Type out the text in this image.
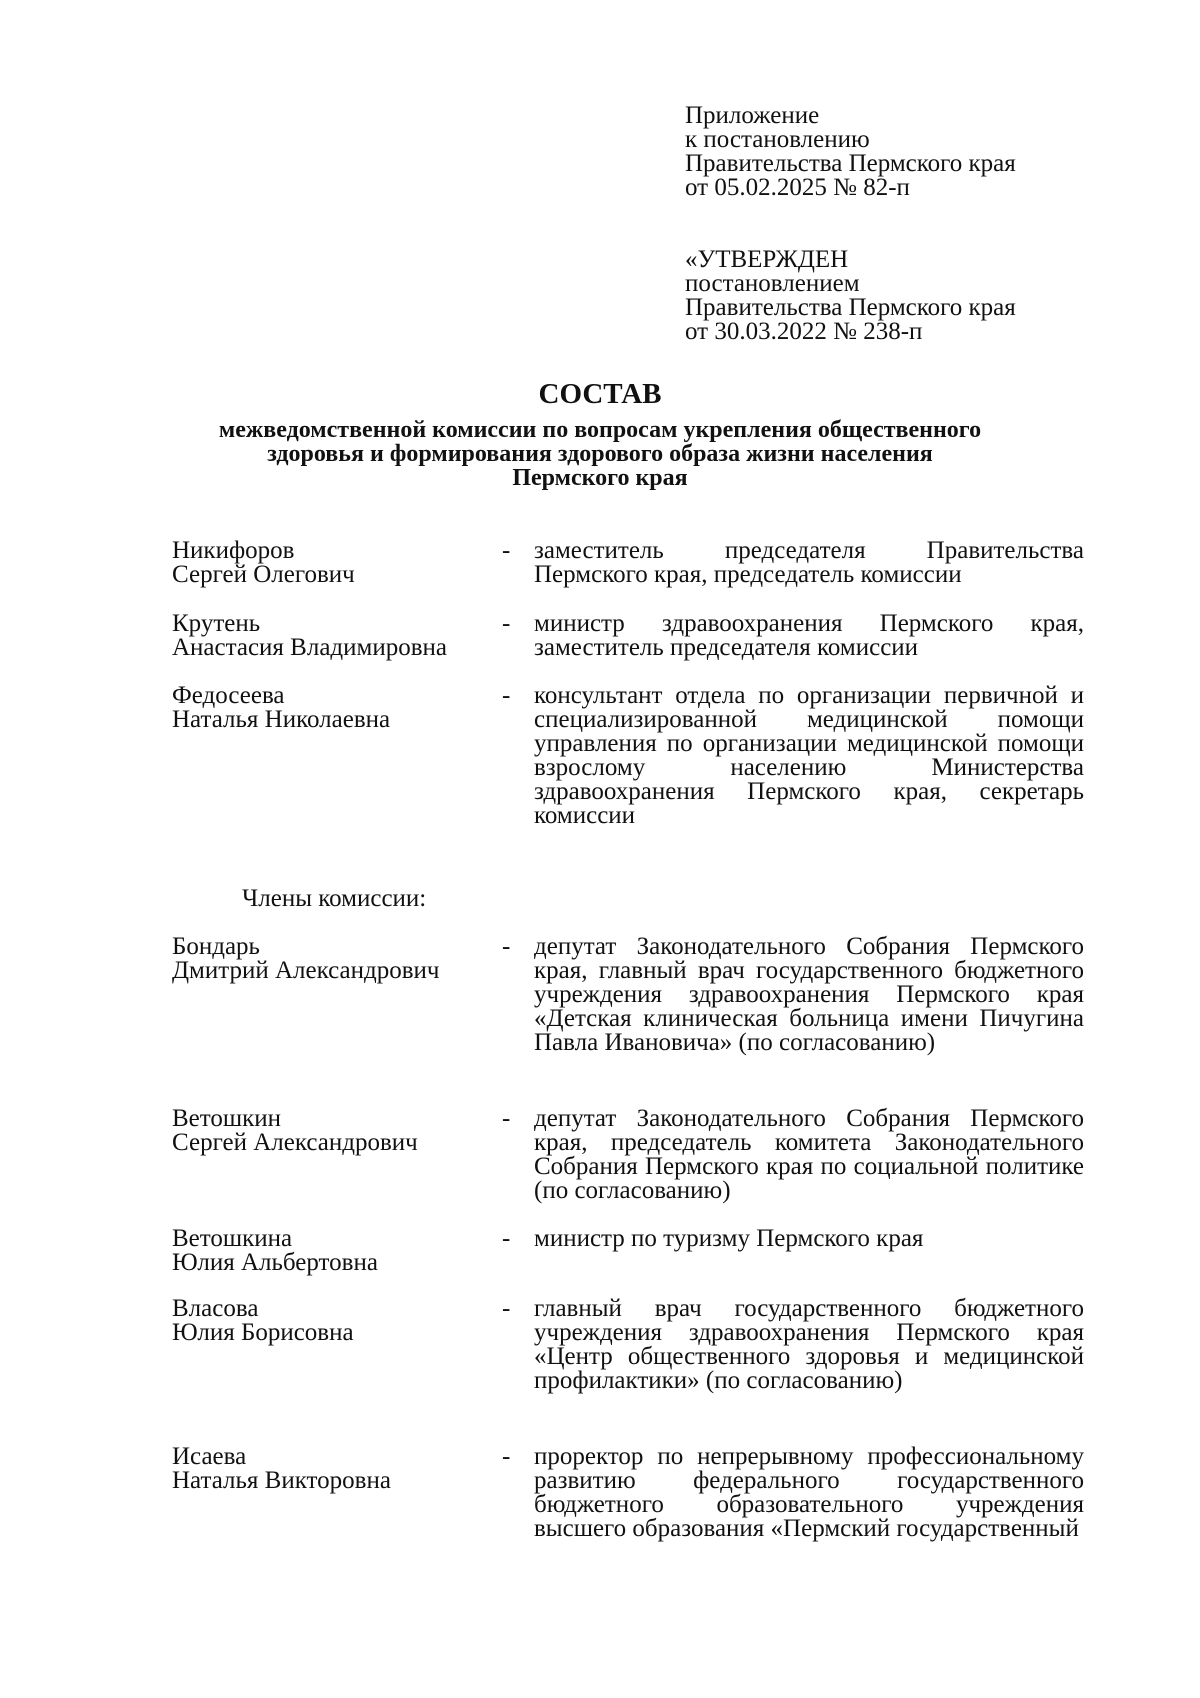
Приложение
к постановлению
Правительства Пермского края
от 05.02.2025 № 82-п
«УТВЕРЖДЕН
постановлением
Правительства Пермского края
от 30.03.2022 № 238-п
СОСТАВ
межведомственной комиссии по вопросам укрепления общественного
здоровья и формирования здорового образа жизни населения
Пермского края
Никифоров
Сергей Олегович
- заместитель председателя Правительства Пермского края, председатель комиссии
Крутень
Анастасия Владимировна
- министр здравоохранения Пермского края, заместитель председателя комиссии
Федосеева
Наталья Николаевна
- консультант отдела по организации первичной и специализированной медицинской помощи управления по организации медицинской помощи взрослому населению Министерства здравоохранения Пермского края, секретарь комиссии
Члены комиссии:
Бондарь
Дмитрий Александрович
- депутат Законодательного Собрания Пермского края, главный врач государственного бюджетного учреждения здравоохранения Пермского края «Детская клиническая больница имени Пичугина Павла Ивановича» (по согласованию)
Ветошкин
Сергей Александрович
- депутат Законодательного Собрания Пермского края, председатель комитета Законодательного Собрания Пермского края по социальной политике (по согласованию)
Ветошкина
Юлия Альбертовна
- министр по туризму Пермского края
Власова
Юлия Борисовна
- главный врач государственного бюджетного учреждения здравоохранения Пермского края «Центр общественного здоровья и медицинской профилактики» (по согласованию)
Исаева
Наталья Викторовна
- проректор по непрерывному профессиональному развитию федерального государственного бюджетного образовательного учреждения высшего образования «Пермский государственный
